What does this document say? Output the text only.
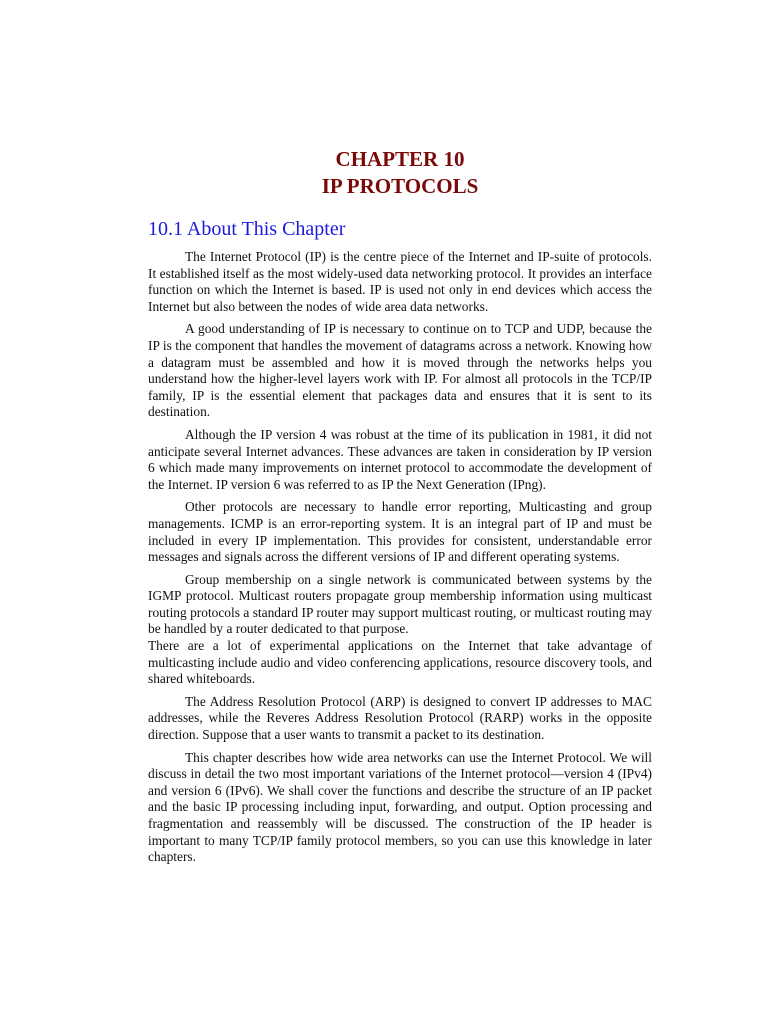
CHAPTER 10
IP PROTOCOLS
10.1 About This Chapter

The Internet Protocol (IP) is the centre piece of the Internet and IP-suite of protocols. It established itself as the most widely-used data networking protocol. It provides an interface function on which the Internet is based. IP is used not only in end devices which access the Internet but also between the nodes of wide area data networks.

A good understanding of IP is necessary to continue on to TCP and UDP, because the IP is the component that handles the movement of datagrams across a network. Knowing how a datagram must be assembled and how it is moved through the networks helps you understand how the higher-level layers work with IP. For almost all protocols in the TCP/IP family, IP is the essential element that packages data and ensures that it is sent to its destination.

Although the IP version 4 was robust at the time of its publication in 1981, it did not anticipate several Internet advances. These advances are taken in consideration by IP version 6 which made many improvements on internet protocol to accommodate the development of the Internet. IP version 6 was referred to as IP the Next Generation (IPng).

Other protocols are necessary to handle error reporting, Multicasting and group managements. ICMP is an error-reporting system. It is an integral part of IP and must be included in every IP implementation. This provides for consistent, understandable error messages and signals across the different versions of IP and different operating systems.

Group membership on a single network is communicated between systems by the IGMP protocol. Multicast routers propagate group membership information using multicast routing protocols a standard IP router may support multicast routing, or multicast routing may be handled by a router dedicated to that purpose.

There are a lot of experimental applications on the Internet that take advantage of multicasting include audio and video conferencing applications, resource discovery tools, and shared whiteboards.

The Address Resolution Protocol (ARP) is designed to convert IP addresses to MAC addresses, while the Reveres Address Resolution Protocol (RARP) works in the opposite direction. Suppose that a user wants to transmit a packet to its destination.

This chapter describes how wide area networks can use the Internet Protocol. We will discuss in detail the two most important variations of the Internet protocol—version 4 (IPv4) and version 6 (IPv6). We shall cover the functions and describe the structure of an IP packet and the basic IP processing including input, forwarding, and output. Option processing and fragmentation and reassembly will be discussed. The construction of the IP header is important to many TCP/IP family protocol members, so you can use this knowledge in later chapters.
